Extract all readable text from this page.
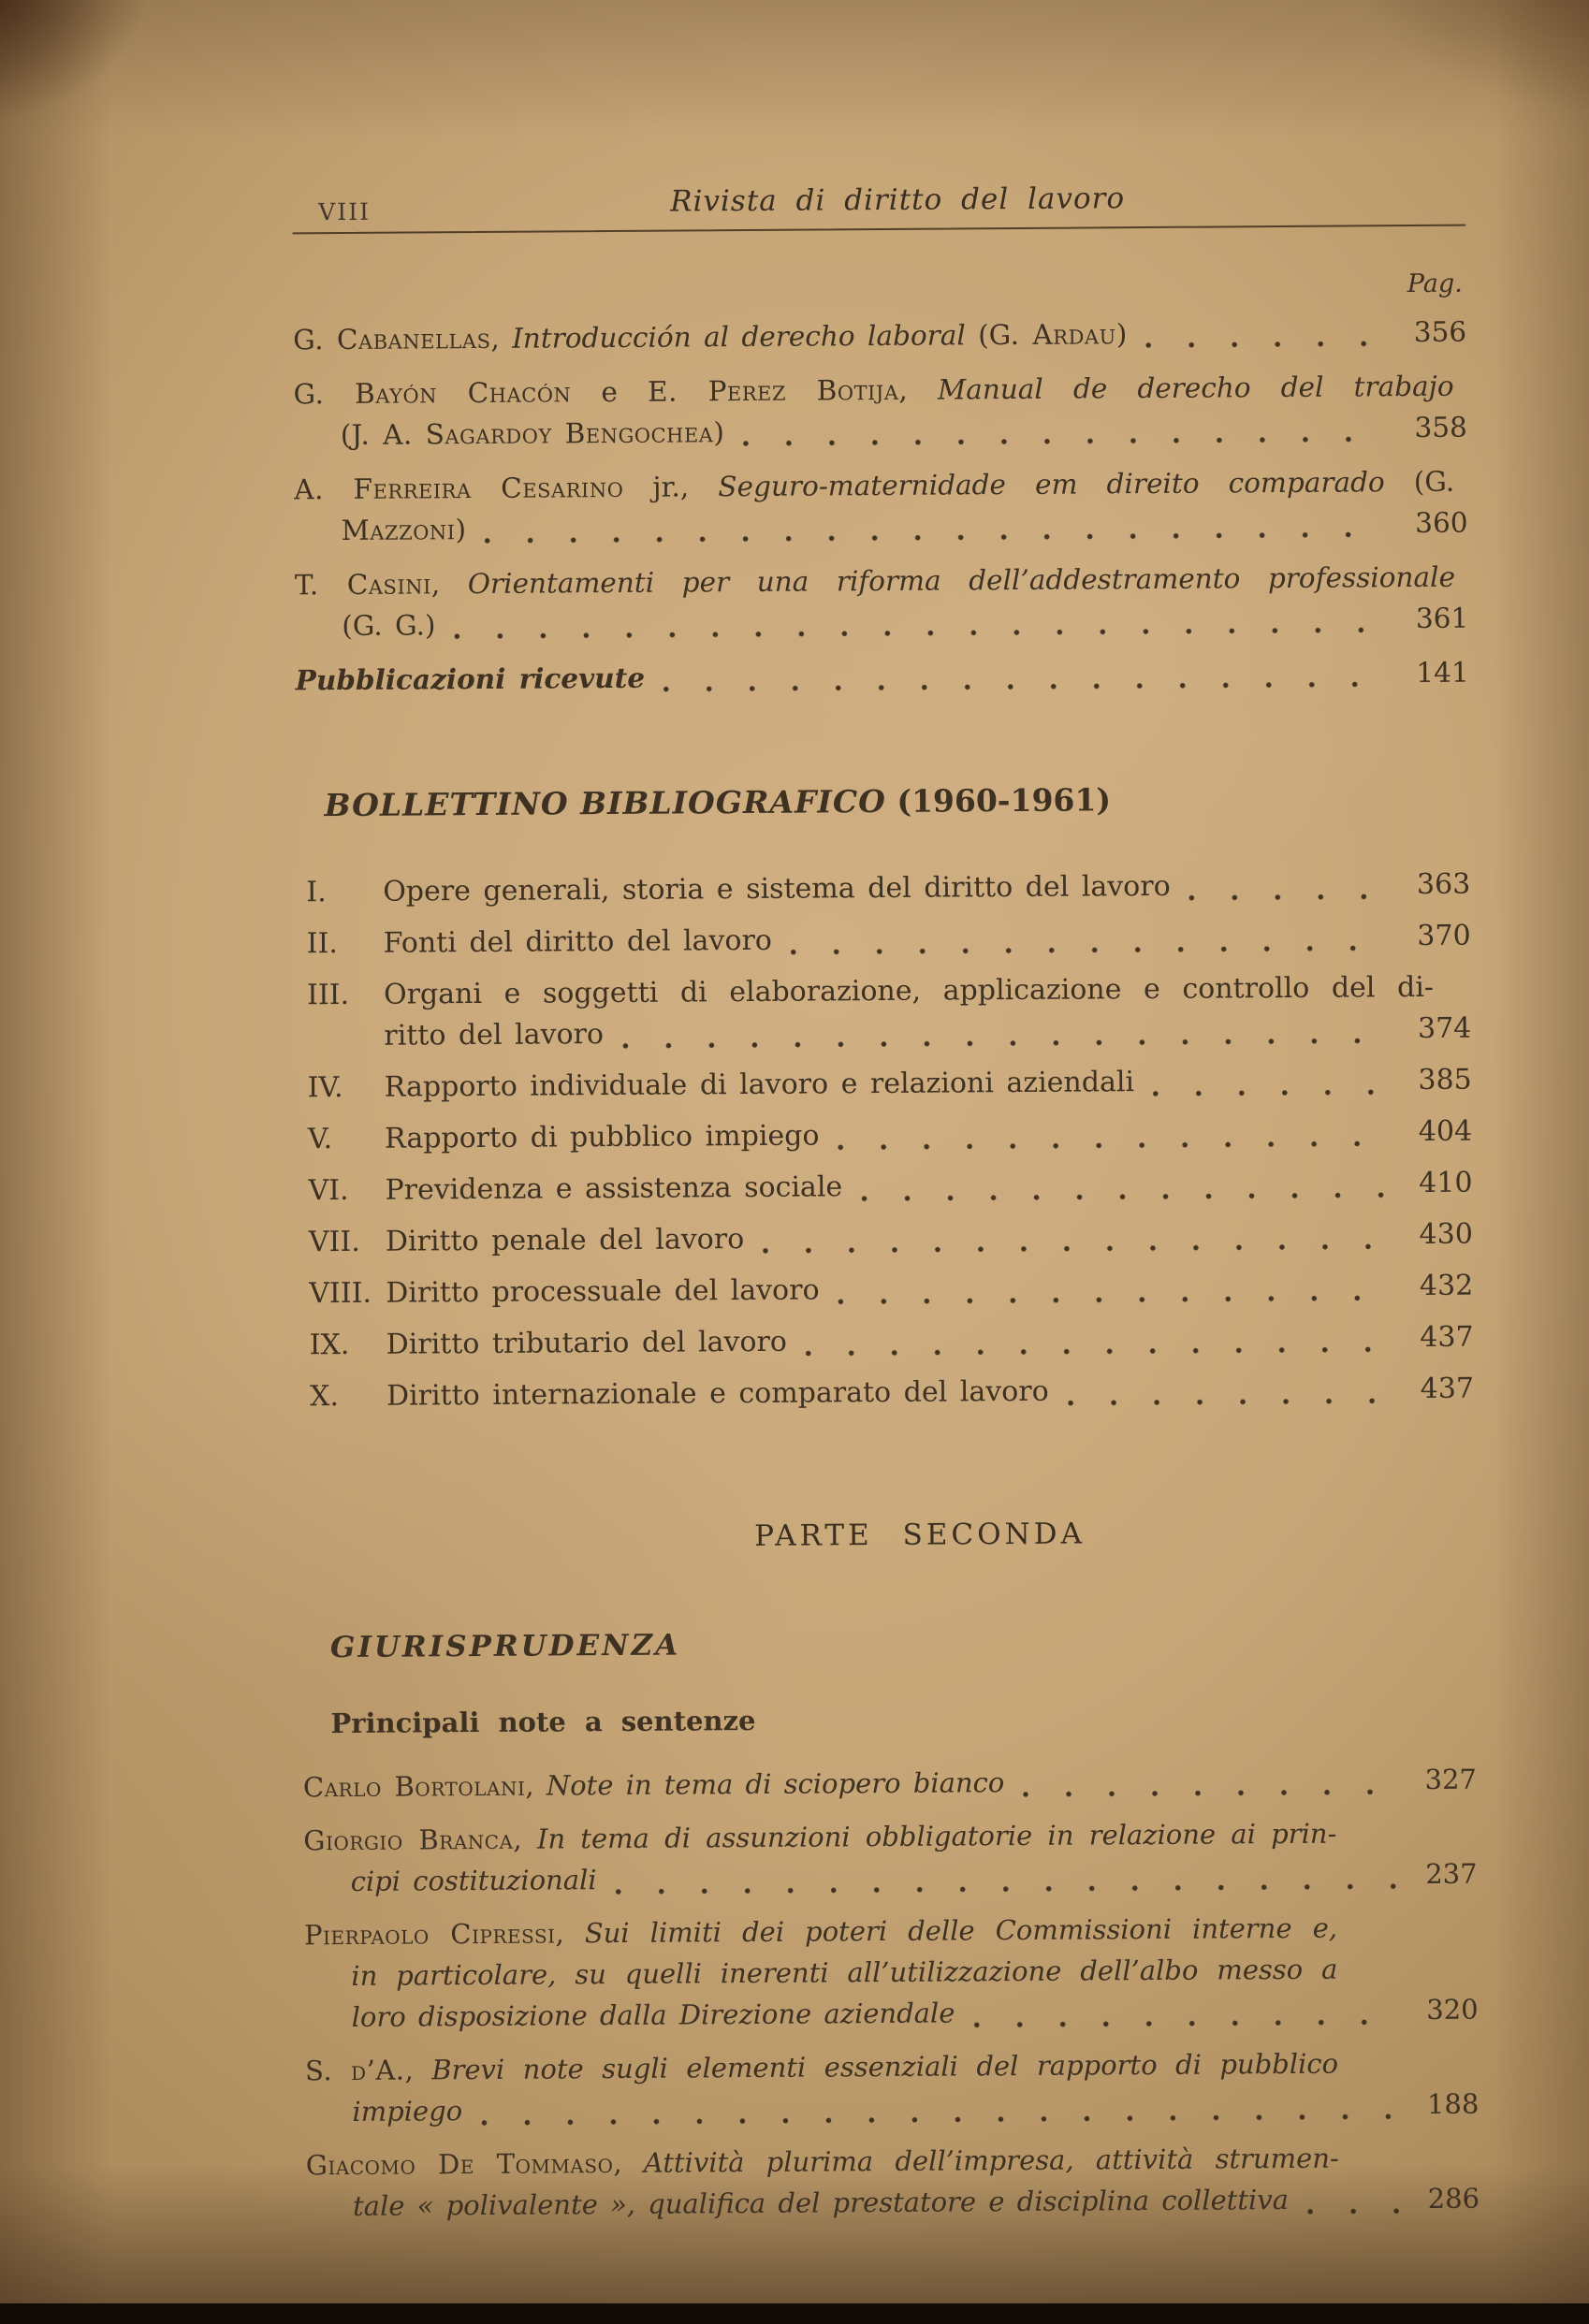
VIII	Rivista di diritto del lavoro
Pag.
G. Cabanellas, Introducción al derecho laboral (G. Ardau)	356
G. Bayón Chacón e E. Perez Botija, Manual de derecho del trabajo
(J. A. Sagardoy Bengochea)	358
A. Ferreira Cesarino jr., Seguro-maternidade em direito comparado (G.
Mazzoni)	360
T. Casini, Orientamenti per una riforma dell’addestramento professionale
(G. G.)	361
Pubblicazioni ricevute	141
BOLLETTINO BIBLIOGRAFICO (1960-1961)
I.	Opere generali, storia e sistema del diritto del lavoro	363
II.	Fonti del diritto del lavoro	370
III.	Organi e soggetti di elaborazione, applicazione e controllo del di-
ritto del lavoro	374
IV.	Rapporto individuale di lavoro e relazioni aziendali	385
V.	Rapporto di pubblico impiego	404
VI.	Previdenza e assistenza sociale	410
VII. Diritto penale del lavoro	430
VIII. Diritto processuale del lavoro	432
IX.	Diritto tributario del lavoro	437
X.	Diritto internazionale e comparato del lavoro	437
PARTE SECONDA
GIURISPRUDENZA
Principali note a sentenze
Carlo Bortolani, Note in tema di sciopero bianco	327
Giorgio Branca, In tema di assunzioni obbligatorie in relazione ai prin-
cipi costituzionali	237
Pierpaolo Cipressi, Sui limiti dei poteri delle Commissioni interne e,
in particolare, su quelli inerenti all’utilizzazione dell’albo messo a
loro disposizione dalla Direzione aziendale	320
S. d’A., Brevi note sugli elementi essenziali del rapporto di pubblico
impiego	188
Giacomo De Tommaso, Attività plurima dell’impresa, attività strumen-
tale « polivalente », qualifica del prestatore e disciplina collettiva	286
